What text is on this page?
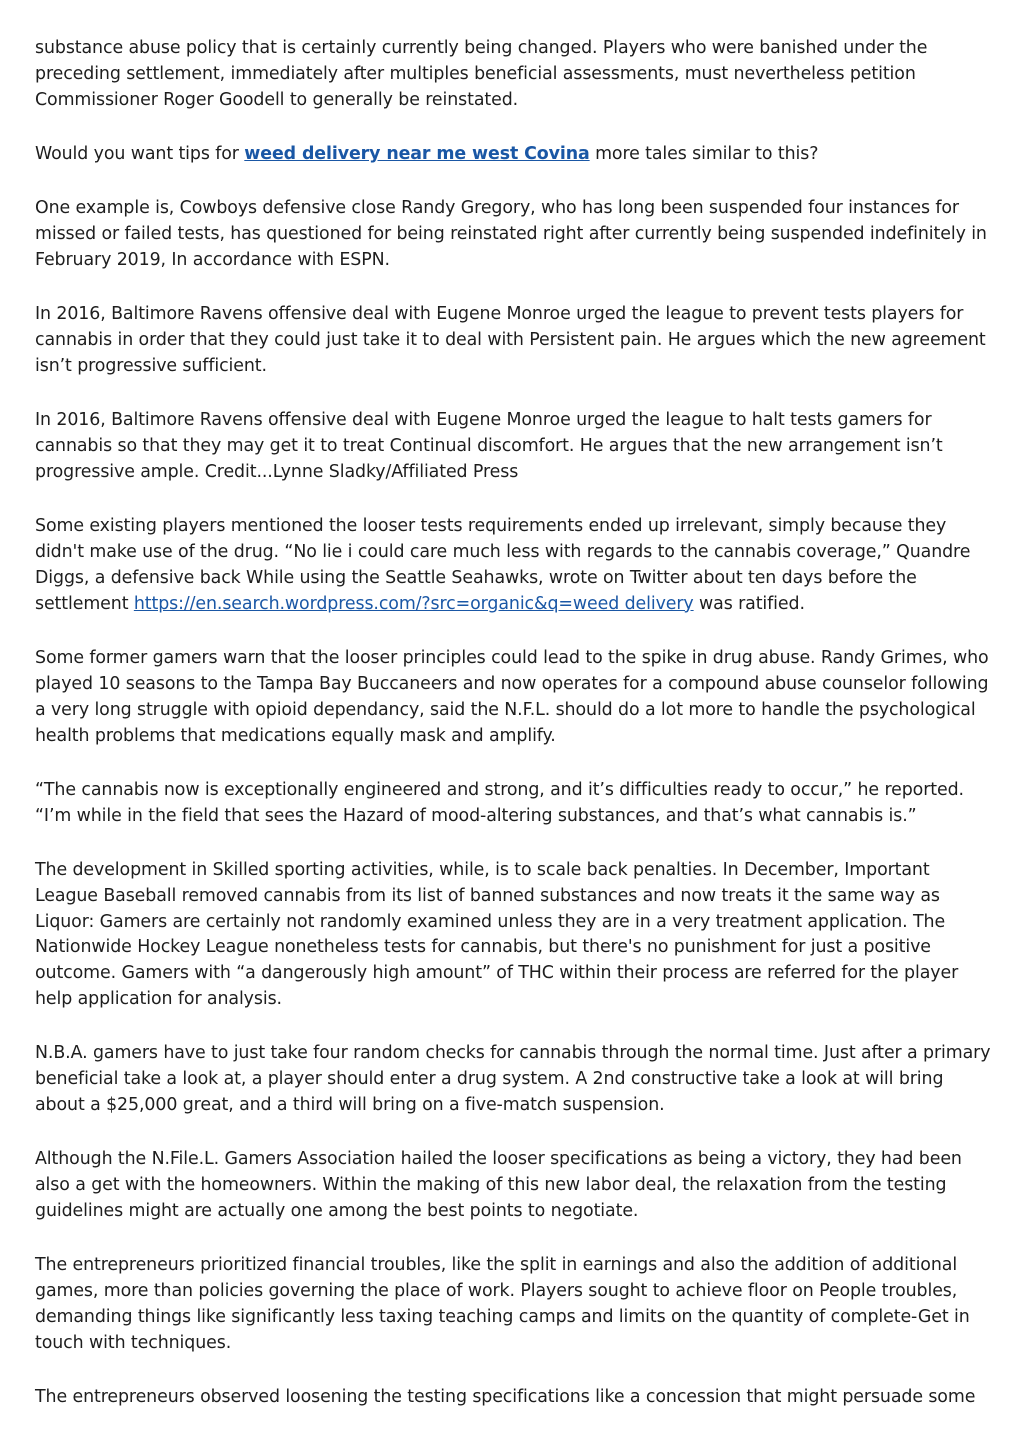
substance abuse policy that is certainly currently being changed. Players who were banished under the preceding settlement, immediately after multiples beneficial assessments, must nevertheless petition Commissioner Roger Goodell to generally be reinstated.

Would you want tips for weed delivery near me west Covina more tales similar to this?

One example is, Cowboys defensive close Randy Gregory, who has long been suspended four instances for missed or failed tests, has questioned for being reinstated right after currently being suspended indefinitely in February 2019, In accordance with ESPN.

In 2016, Baltimore Ravens offensive deal with Eugene Monroe urged the league to prevent tests players for cannabis in order that they could just take it to deal with Persistent pain. He argues which the new agreement isn’t progressive sufficient.

In 2016, Baltimore Ravens offensive deal with Eugene Monroe urged the league to halt tests gamers for cannabis so that they may get it to treat Continual discomfort. He argues that the new arrangement isn’t progressive ample. Credit...Lynne Sladky/Affiliated Press

Some existing players mentioned the looser tests requirements ended up irrelevant, simply because they didn't make use of the drug. “No lie i could care much less with regards to the cannabis coverage,” Quandre Diggs, a defensive back While using the Seattle Seahawks, wrote on Twitter about ten days before the settlement https://en.search.wordpress.com/?src=organic&q=weed delivery was ratified.

Some former gamers warn that the looser principles could lead to the spike in drug abuse. Randy Grimes, who played 10 seasons to the Tampa Bay Buccaneers and now operates for a compound abuse counselor following a very long struggle with opioid dependancy, said the N.F.L. should do a lot more to handle the psychological health problems that medications equally mask and amplify.

“The cannabis now is exceptionally engineered and strong, and it’s difficulties ready to occur,” he reported. “I’m while in the field that sees the Hazard of mood-altering substances, and that’s what cannabis is.”

The development in Skilled sporting activities, while, is to scale back penalties. In December, Important League Baseball removed cannabis from its list of banned substances and now treats it the same way as Liquor: Gamers are certainly not randomly examined unless they are in a very treatment application. The Nationwide Hockey League nonetheless tests for cannabis, but there's no punishment for just a positive outcome. Gamers with “a dangerously high amount” of THC within their process are referred for the player help application for analysis.

N.B.A. gamers have to just take four random checks for cannabis through the normal time. Just after a primary beneficial take a look at, a player should enter a drug system. A 2nd constructive take a look at will bring about a $25,000 great, and a third will bring on a five-match suspension.

Although the N.File.L. Gamers Association hailed the looser specifications as being a victory, they had been also a get with the homeowners. Within the making of this new labor deal, the relaxation from the testing guidelines might are actually one among the best points to negotiate.

The entrepreneurs prioritized financial troubles, like the split in earnings and also the addition of additional games, more than policies governing the place of work. Players sought to achieve floor on People troubles, demanding things like significantly less taxing teaching camps and limits on the quantity of complete-Get in touch with techniques.

The entrepreneurs observed loosening the testing specifications like a concession that might persuade some
